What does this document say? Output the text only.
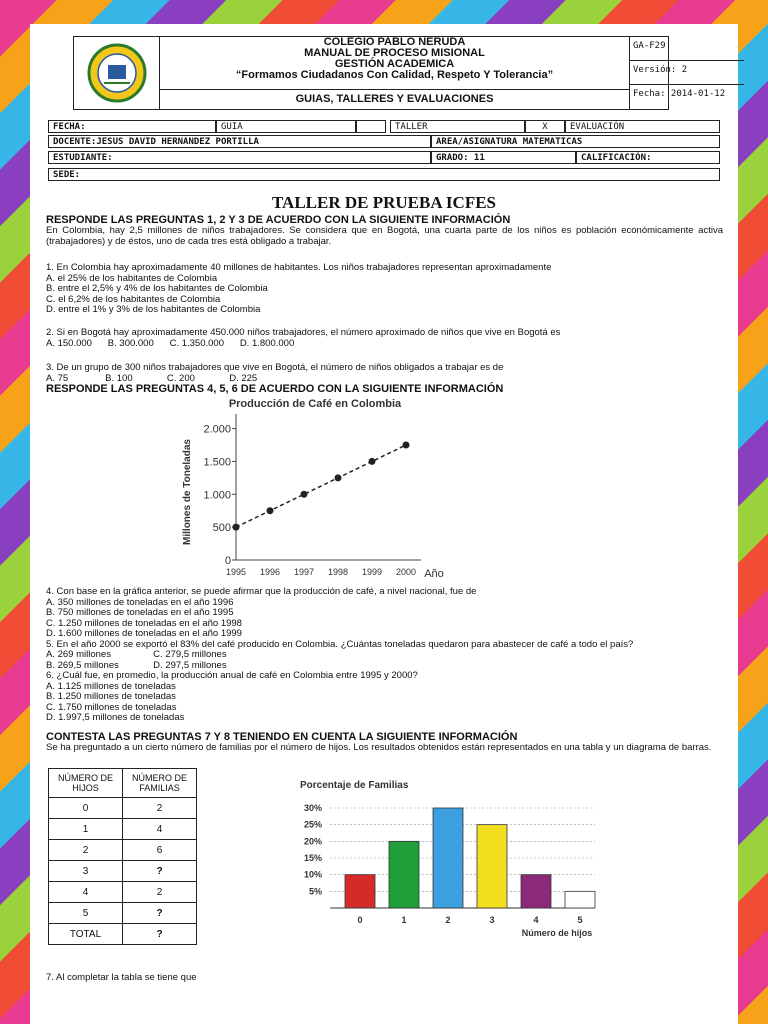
COLEGIO PABLO NERUDA
MANUAL DE PROCESO MISIONAL
GESTIÓN ACADEMICA
“Formamos Ciudadanos Con Calidad, Respeto Y Tolerancia”
GUIAS, TALLERES Y EVALUACIONES
GA-F29
Versión: 2
Fecha: 2014-01-12
FECHA:	GUIA	TALLER	X	EVALUACIÓN
DOCENTE:JESUS DAVID HERNANDEZ PORTILLA	AREA/ASIGNATURA MATEMATICAS
ESTUDIANTE:	GRADO: 11	CALIFICACIÓN:
SEDE:
TALLER DE PRUEBA ICFES

RESPONDE LAS PREGUNTAS 1, 2 Y 3 DE ACUERDO CON LA SIGUIENTE INFORMACIÓN

En Colombia, hay 2,5 millones de niños trabajadores. Se considera que en Bogotá, una cuarta parte de los niños es población económicamente activa (trabajadores) y de éstos, uno de cada tres está obligado a trabajar.

1. En Colombia hay aproximadamente 40 millones de habitantes. Los niños trabajadores representan aproximadamente

A. el 25% de los habitantes de Colombia

B. entre el 2,5% y 4% de los habitantes de Colombia

C. el 6,2% de los habitantes de Colombia

D. entre el 1% y 3% de los habitantes de Colombia

2. Si en Bogotá hay aproximadamente 450.000 niños trabajadores, el número aproximado de niños que vive en Bogotá es

A. 150.000      B. 300.000      C. 1.350.000      D. 1.800.000

3. De un grupo de 300 niños trabajadores que vive en Bogotá, el número de niños obligados a trabajar es de

A. 75              B. 100             C. 200             D. 225

RESPONDE LAS PREGUNTAS 4, 5, 6 DE ACUERDO CON LA SIGUIENTE INFORMACIÓN

Producción de Café en Colombia
0
500
1.000
1.500
2.000
1995 1996 1997 1998 1999 2000 Año
Millones de Toneladas

4. Con base en la gráfica anterior, se puede afirmar que la producción de café, a nivel nacional, fue de

A. 350 millones de toneladas en el año 1996

B. 750 millones de toneladas en el año 1995

C. 1.250 millones de toneladas en el año 1998

D. 1.600 millones de toneladas en el año 1999

5. En el año 2000 se exportó el 83% del café producido en Colombia. ¿Cuántas toneladas quedaron para abastecer de café a todo el país?

A. 269 millones                C. 279,5 millones

B. 269,5 millones             D. 297,5 millones

6. ¿Cuál fue, en promedio, la producción anual de café en Colombia entre 1995 y 2000?

A. 1.125 millones de toneladas

B. 1.250 millones de toneladas

C. 1.750 millones de toneladas

D. 1.997,5 millones de toneladas

CONTESTA LAS PREGUNTAS 7 Y 8 TENIENDO EN CUENTA LA SIGUIENTE INFORMACIÓN

Se ha preguntado a un cierto número de familias por el número de hijos. Los resultados obtenidos están representados en una tabla y un diagrama de barras.

NÚMERO DE HIJOS	NÚMERO DE FAMILIAS
0	2
1	4
2	6
3	?
4	2
5	?
TOTAL	?
Porcentaje de Familias
5%
10%
15%
20%
25%
30%
0	1	2	3	4	5
Número de hijos

7. Al completar la tabla se tiene que
